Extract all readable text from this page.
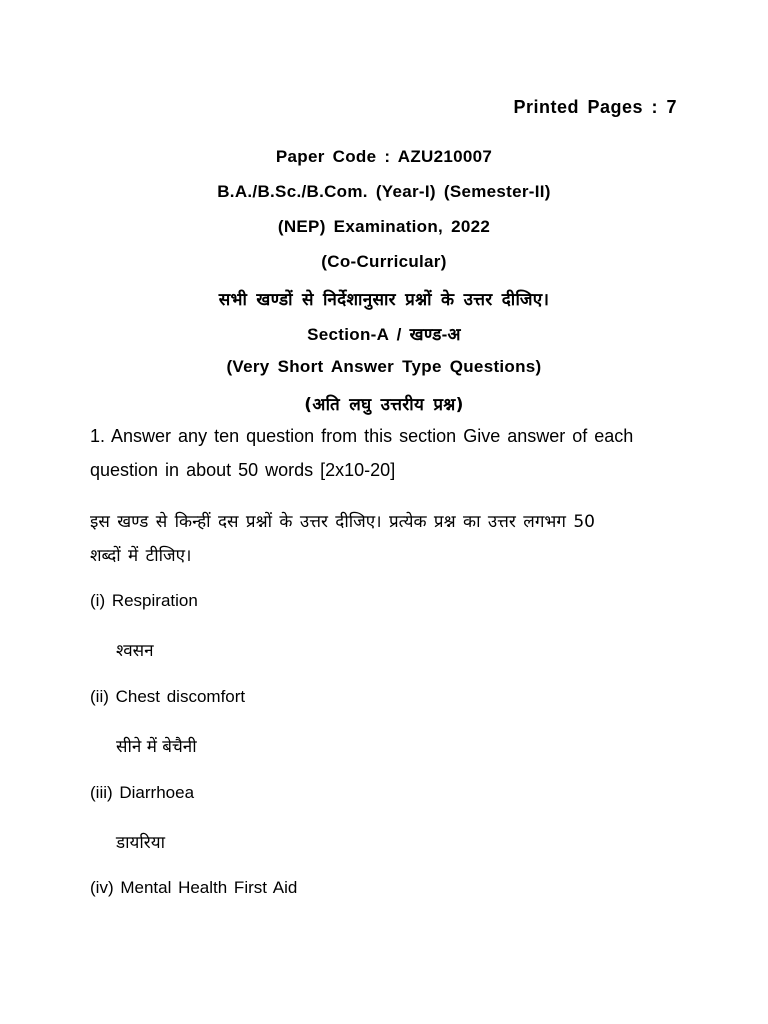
Printed Pages : 7
Paper Code : AZU210007
B.A./B.Sc./B.Com. (Year-I) (Semester-II)
(NEP) Examination, 2022
(Co-Curricular)
सभी खण्डों से निर्देशानुसार प्रश्नों के उत्तर दीजिए।
Section-A / खण्ड-अ
(Very Short Answer Type Questions)
(अति लघु उत्तरीय प्रश्न)
1. Answer any ten question from this section Give answer of each
question in about 50 words [2x10-20]
इस खण्ड से किन्हीं दस प्रश्नों के उत्तर दीजिए। प्रत्येक प्रश्न का उत्तर लगभग 50
शब्दों में टीजिए।
(i) Respiration
श्वसन
(ii) Chest discomfort
सीने में बेचैनी
(iii) Diarrhoea
डायरिया
(iv) Mental Health First Aid
